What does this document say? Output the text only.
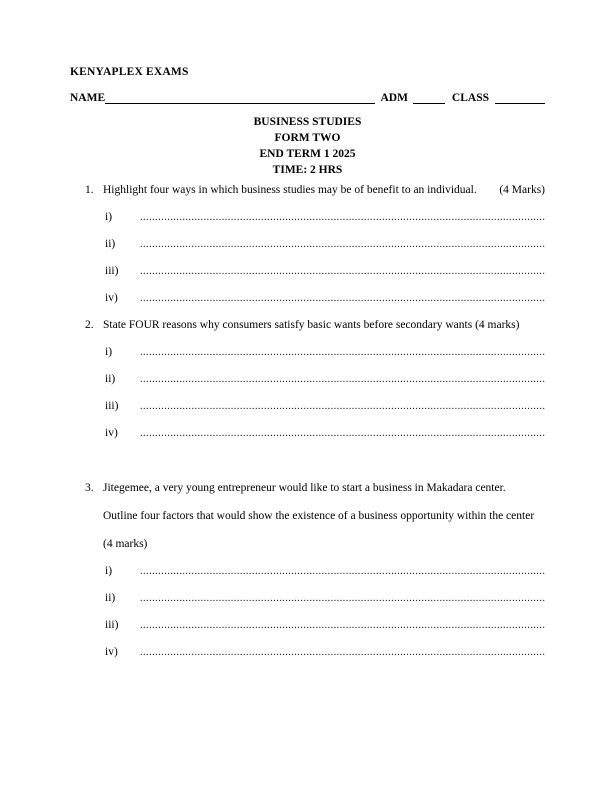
KENYAPLEX EXAMS
NAME	ADM	CLASS
BUSINESS STUDIES
FORM TWO
END TERM 1 2025
TIME: 2 HRS
1. Highlight four ways in which business studies may be of benefit to an individual.	(4 Marks)
i)
.....
ii)
.....
iii)
.....
iv)
.....
2. State FOUR reasons why consumers satisfy basic wants before secondary wants (4 marks)
i)
.....
ii)
.....
iii)
.....
iv)
.....
3. Jitegemee, a very young entrepreneur would like to start a business in Makadara center.
Outline four factors that would show the existence of a business opportunity within the center
(4 marks)
i)
.....
ii)
.....
iii)
.....
iv)
.....
